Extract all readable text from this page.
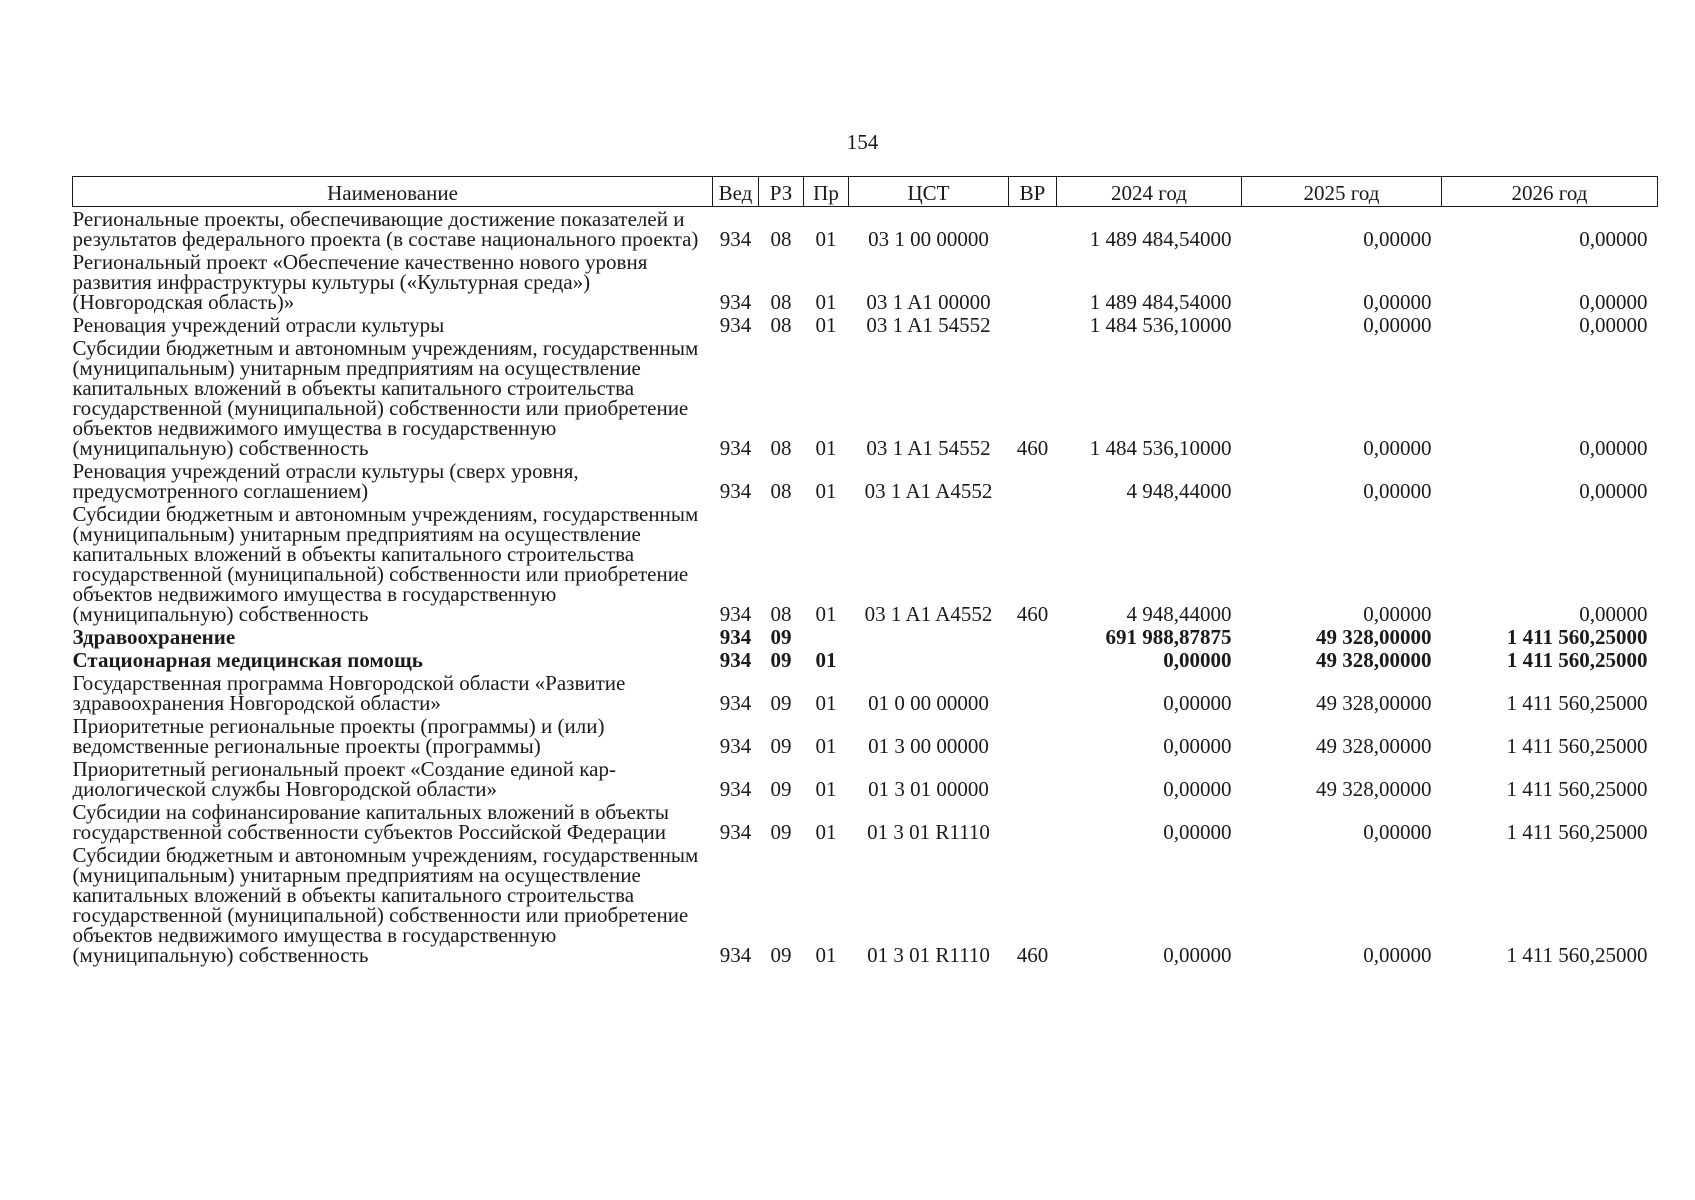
154
Наименование	Вед	РЗ	Пр	ЦСТ	ВР	2024 год	2025 год	2026 год
Региональные проекты, обеспечивающие достижение показателей и результатов федерального проекта (в составе национального проекта)	934	08	01	03 1 00 00000		1 489 484,54000	0,00000	0,00000
Региональный проект «Обеспечение качественно нового уровня развития инфраструктуры культуры («Культурная среда») (Новгородская область)»	934	08	01	03 1 A1 00000		1 489 484,54000	0,00000	0,00000
Реновация учреждений отрасли культуры	934	08	01	03 1 A1 54552		1 484 536,10000	0,00000	0,00000
Субсидии бюджетным и автономным учреждениям, государственным (муниципальным) унитарным предприятиям на осуществление капитальных вложений в объекты капитального строительства государственной (муниципальной) собственности или приобретение объектов недвижимого имущества в государственную (муниципальную) собственность	934	08	01	03 1 A1 54552	460	1 484 536,10000	0,00000	0,00000
Реновация учреждений отрасли культуры (сверх уровня, предусмотренного соглашением)	934	08	01	03 1 A1 A4552		4 948,44000	0,00000	0,00000
Субсидии бюджетным и автономным учреждениям, государственным (муниципальным) унитарным предприятиям на осуществление капитальных вложений в объекты капитального строительства государственной (муниципальной) собственности или приобретение объектов недвижимого имущества в государственную (муниципальную) собственность	934	08	01	03 1 A1 A4552	460	4 948,44000	0,00000	0,00000
Здравоохранение	934	09				691 988,87875	49 328,00000	1 411 560,25000
Стационарная медицинская помощь	934	09	01			0,00000	49 328,00000	1 411 560,25000
Государственная программа Новгородской области «Развитие здравоохранения Новгородской области»	934	09	01	01 0 00 00000		0,00000	49 328,00000	1 411 560,25000
Приоритетные региональные проекты (программы) и (или) ведомственные региональные проекты (программы)	934	09	01	01 3 00 00000		0,00000	49 328,00000	1 411 560,25000
Приоритетный региональный проект «Создание единой кардиологической службы Новгородской области»	934	09	01	01 3 01 00000		0,00000	49 328,00000	1 411 560,25000
Субсидии на софинансирование капитальных вложений в объекты государственной собственности субъектов Российской Федерации	934	09	01	01 3 01 R1110		0,00000	0,00000	1 411 560,25000
Субсидии бюджетным и автономным учреждениям, государственным (муниципальным) унитарным предприятиям на осуществление капитальных вложений в объекты капитального строительства государственной (муниципальной) собственности или приобретение объектов недвижимого имущества в государственную (муниципальную) собственность	934	09	01	01 3 01 R1110	460	0,00000	0,00000	1 411 560,25000
